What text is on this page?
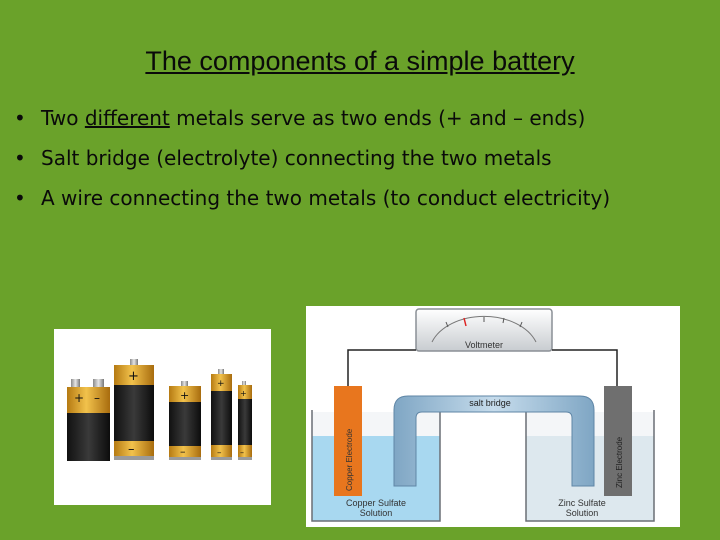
The components of a simple battery
• Two different metals serve as two ends (+ and – ends)
• Salt bridge (electrolyte) connecting the two metals
• A wire connecting the two metals (to conduct electricity)
+ –
+
–
+
–
+
–
+
–
Voltmeter
salt bridge
Copper Electrode	Zinc Electrode
Copper Sulfate
Solution
Zinc Sulfate
Solution
